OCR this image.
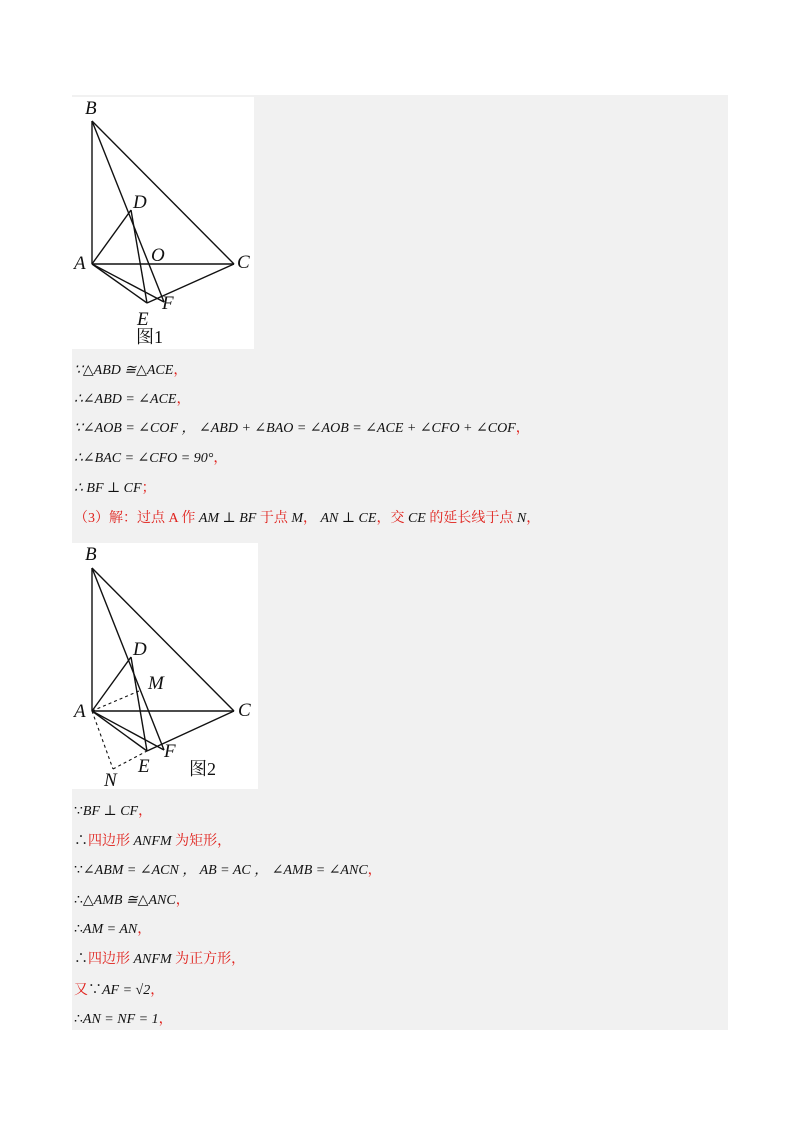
B
D
A	O	C
E
F
图1
∵△ABD ≅△ACE，
∴∠ABD = ∠ACE，
∵∠AOB = ∠COF ， ∠ABD + ∠BAO = ∠AOB = ∠ACE + ∠CFO + ∠COF，
∴∠BAC = ∠CFO = 90°，
∴ BF ⊥ CF；
（3）解：过点 A 作 AM ⊥ BF 于点 M， AN ⊥ CE，交 CE 的延长线于点 N，
B
D
M
A	C
F
E
N
图2
∵BF ⊥ CF，
∴四边形 ANFM 为矩形，
∵∠ABM = ∠ACN ， AB = AC ， ∠AMB = ∠ANC，
∴△AMB ≅△ANC，
∴AM = AN，
∴四边形 ANFM 为正方形，
又∵AF = √2，
∴AN = NF = 1，
